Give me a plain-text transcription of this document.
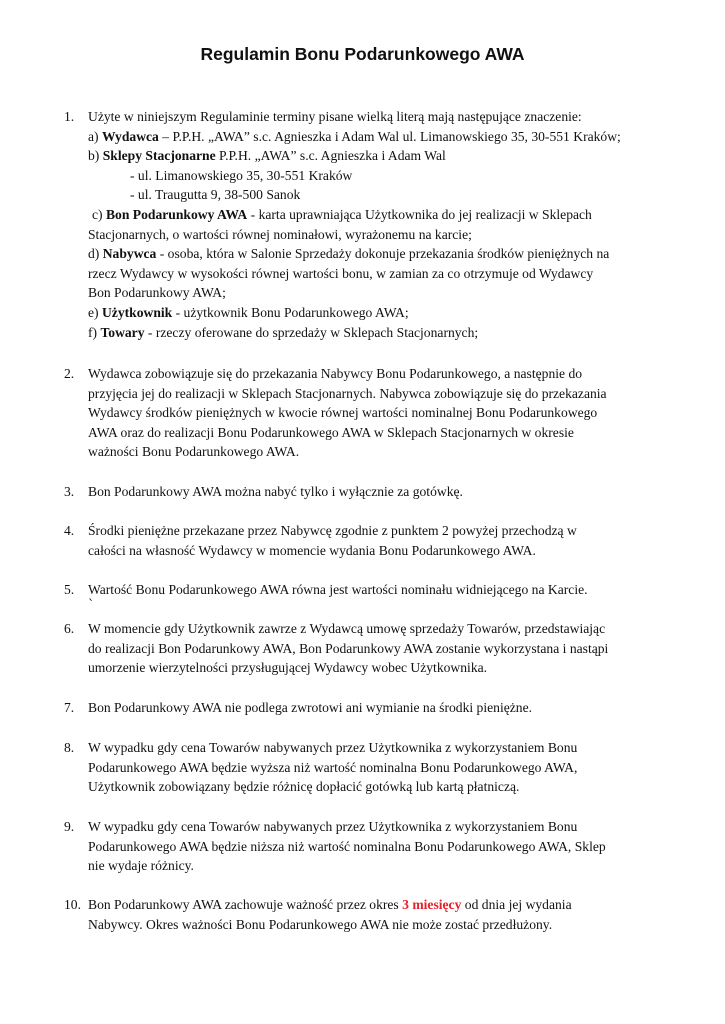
Regulamin Bonu Podarunkowego AWA
1.	Użyte w niniejszym Regulaminie terminy pisane wielką literą mają następujące znaczenie:
a) Wydawca – P.P.H. „AWA” s.c. Agnieszka i Adam Wal ul. Limanowskiego 35, 30-551 Kraków;
b) Sklepy Stacjonarne P.P.H. „AWA” s.c. Agnieszka i Adam Wal
- ul. Limanowskiego 35, 30-551 Kraków
- ul. Traugutta 9, 38-500 Sanok
c) Bon Podarunkowy AWA - karta uprawniająca Użytkownika do jej realizacji w Sklepach
Stacjonarnych, o wartości równej nominałowi, wyrażonemu na karcie;
d) Nabywca - osoba, która w Salonie Sprzedaży dokonuje przekazania środków pieniężnych na
rzecz Wydawcy w wysokości równej wartości bonu, w zamian za co otrzymuje od Wydawcy
Bon Podarunkowy AWA;
e) Użytkownik - użytkownik Bonu Podarunkowego AWA;
f) Towary - rzeczy oferowane do sprzedaży w Sklepach Stacjonarnych;
2.	Wydawca zobowiązuje się do przekazania Nabywcy Bonu Podarunkowego, a następnie do
przyjęcia jej do realizacji w Sklepach Stacjonarnych. Nabywca zobowiązuje się do przekazania
Wydawcy środków pieniężnych w kwocie równej wartości nominalnej Bonu Podarunkowego
AWA oraz do realizacji Bonu Podarunkowego AWA w Sklepach Stacjonarnych w okresie
ważności Bonu Podarunkowego AWA.
3.	Bon Podarunkowy AWA można nabyć tylko i wyłącznie za gotówkę.
4.	Środki pieniężne przekazane przez Nabywcę zgodnie z punktem 2 powyżej przechodzą w
całości na własność Wydawcy w momencie wydania Bonu Podarunkowego AWA.
5.	Wartość Bonu Podarunkowego AWA równa jest wartości nominału widniejącego na Karcie.
`
6.	W momencie gdy Użytkownik zawrze z Wydawcą umowę sprzedaży Towarów, przedstawiając
do realizacji Bon Podarunkowy AWA, Bon Podarunkowy AWA zostanie wykorzystana i nastąpi
umorzenie wierzytelności przysługującej Wydawcy wobec Użytkownika.
7.	Bon Podarunkowy AWA nie podlega zwrotowi ani wymianie na środki pieniężne.
8.	W wypadku gdy cena Towarów nabywanych przez Użytkownika z wykorzystaniem Bonu
Podarunkowego AWA będzie wyższa niż wartość nominalna Bonu Podarunkowego AWA,
Użytkownik zobowiązany będzie różnicę dopłacić gotówką lub kartą płatniczą.
9.	W wypadku gdy cena Towarów nabywanych przez Użytkownika z wykorzystaniem Bonu
Podarunkowego AWA będzie niższa niż wartość nominalna Bonu Podarunkowego AWA, Sklep
nie wydaje różnicy.
10. Bon Podarunkowy AWA zachowuje ważność przez okres 3 miesięcy od dnia jej wydania
Nabywcy. Okres ważności Bonu Podarunkowego AWA nie może zostać przedłużony.
